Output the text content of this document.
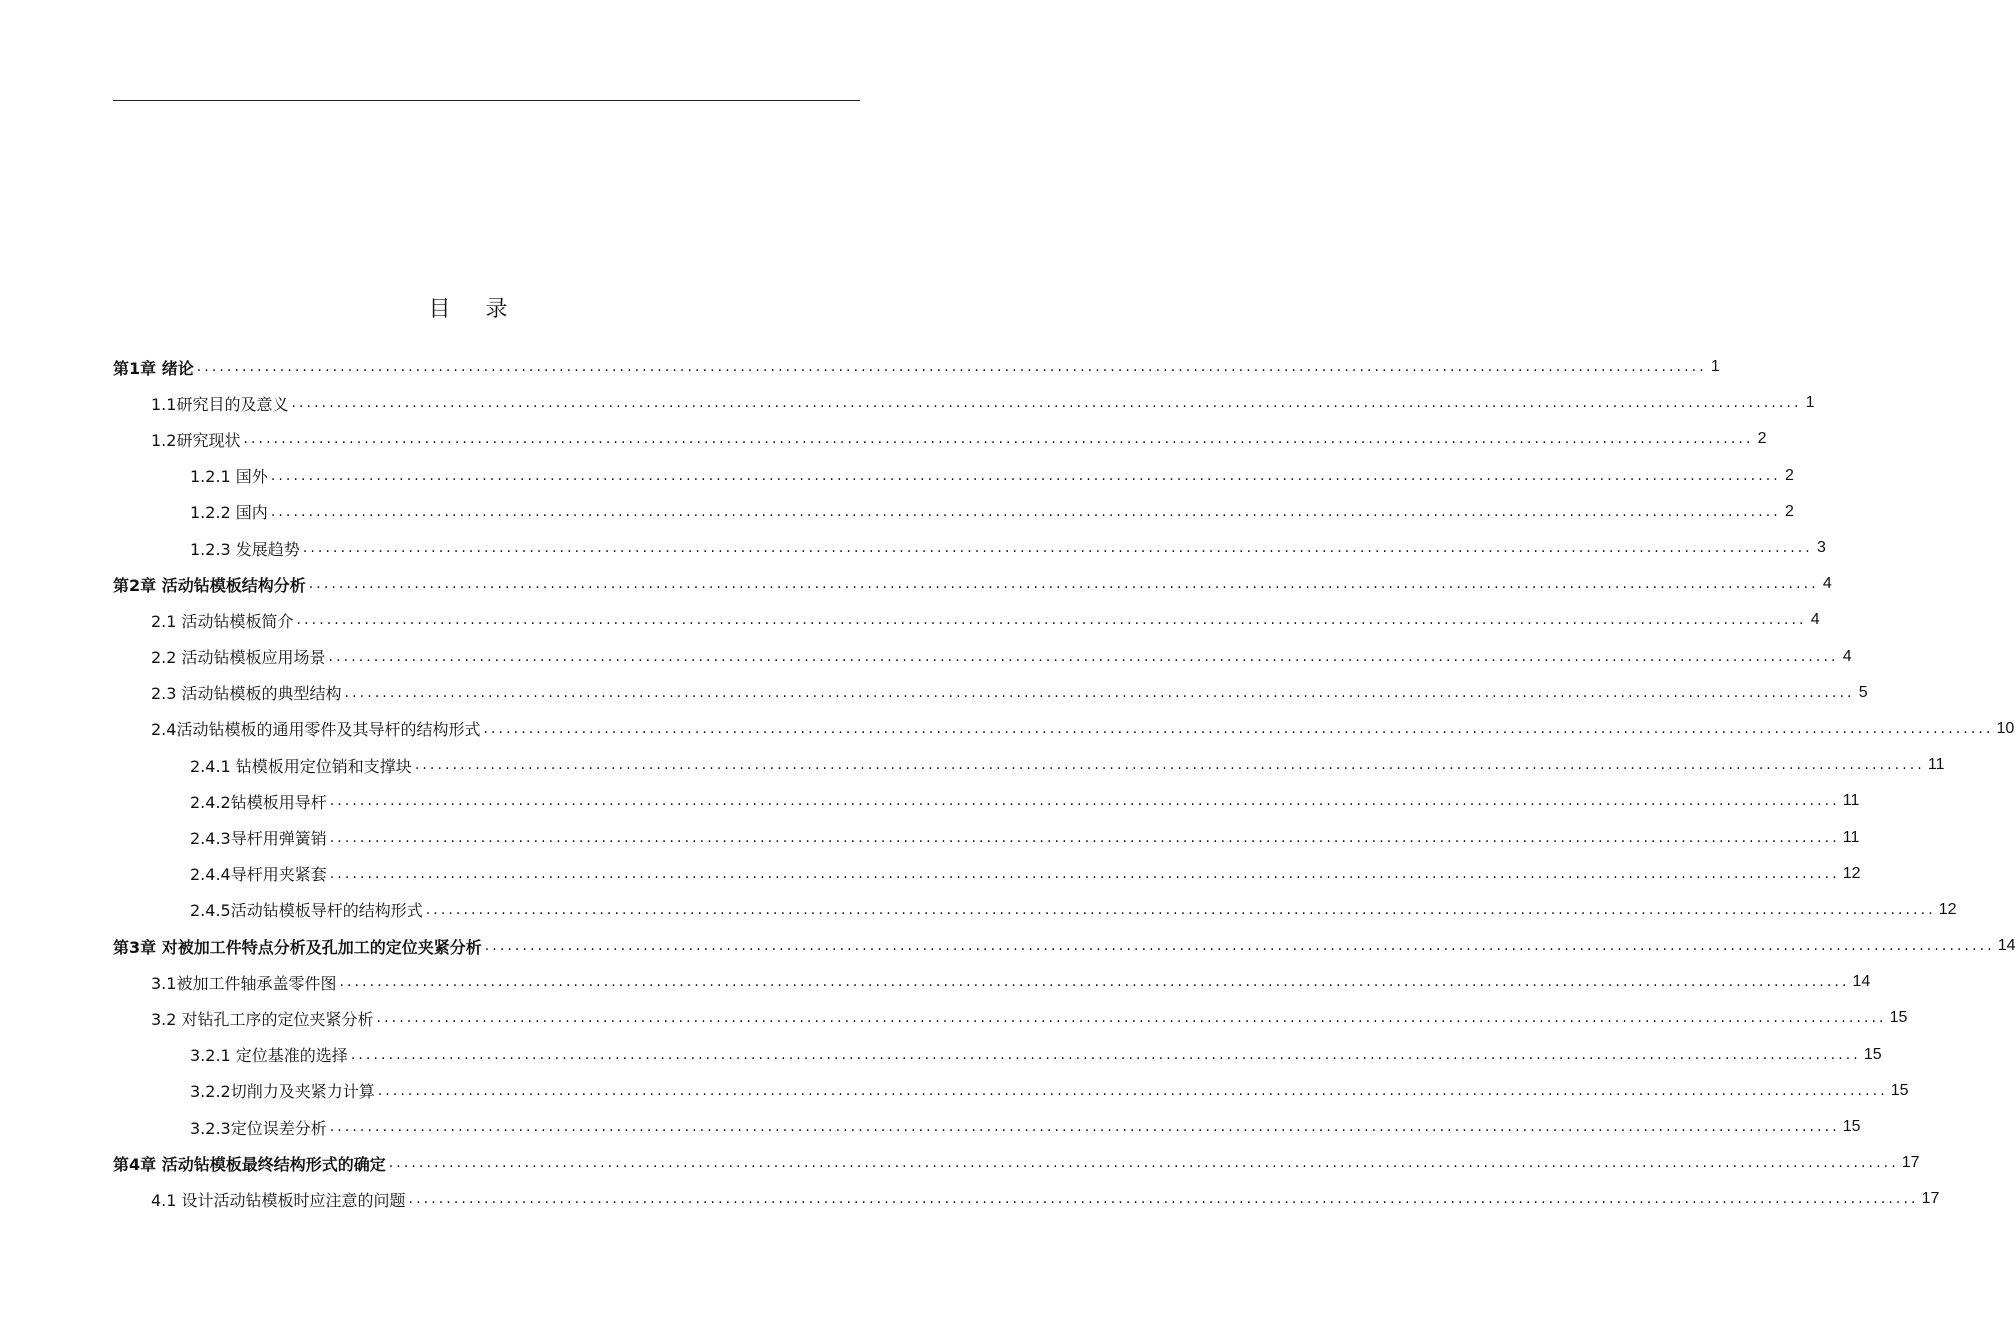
目 录
第1章 绪论 ........................................................................................................................................................................................................ 1
1.1研究目的及意义 ........................................................................................................................................................................................................ 1
1.2研究现状 ........................................................................................................................................................................................................ 2
1.2.1 国外 ........................................................................................................................................................................................................ 2
1.2.2 国内 ........................................................................................................................................................................................................ 2
1.2.3 发展趋势 ........................................................................................................................................................................................................ 3
第2章 活动钻模板结构分析 ........................................................................................................................................................................................................ 4
2.1 活动钻模板简介 ........................................................................................................................................................................................................ 4
2.2 活动钻模板应用场景 ........................................................................................................................................................................................................ 4
2.3 活动钻模板的典型结构 ........................................................................................................................................................................................................ 5
2.4活动钻模板的通用零件及其导杆的结构形式 ........................................................................................................................................................................................................ 10
2.4.1 钻模板用定位销和支撑块 ........................................................................................................................................................................................................ 11
2.4.2钻模板用导杆 ........................................................................................................................................................................................................ 11
2.4.3导杆用弹簧销 ........................................................................................................................................................................................................ 11
2.4.4导杆用夹紧套 ........................................................................................................................................................................................................ 12
2.4.5活动钻模板导杆的结构形式 ........................................................................................................................................................................................................ 12
第3章 对被加工件特点分析及孔加工的定位夹紧分析 ........................................................................................................................................................................................................ 14
3.1被加工件轴承盖零件图 ........................................................................................................................................................................................................ 14
3.2 对钻孔工序的定位夹紧分析 ........................................................................................................................................................................................................ 15
3.2.1 定位基准的选择 ........................................................................................................................................................................................................ 15
3.2.2切削力及夹紧力计算 ........................................................................................................................................................................................................ 15
3.2.3定位误差分析 ........................................................................................................................................................................................................ 15
第4章 活动钻模板最终结构形式的确定 ........................................................................................................................................................................................................ 17
4.1 设计活动钻模板时应注意的问题 ........................................................................................................................................................................................................ 17
